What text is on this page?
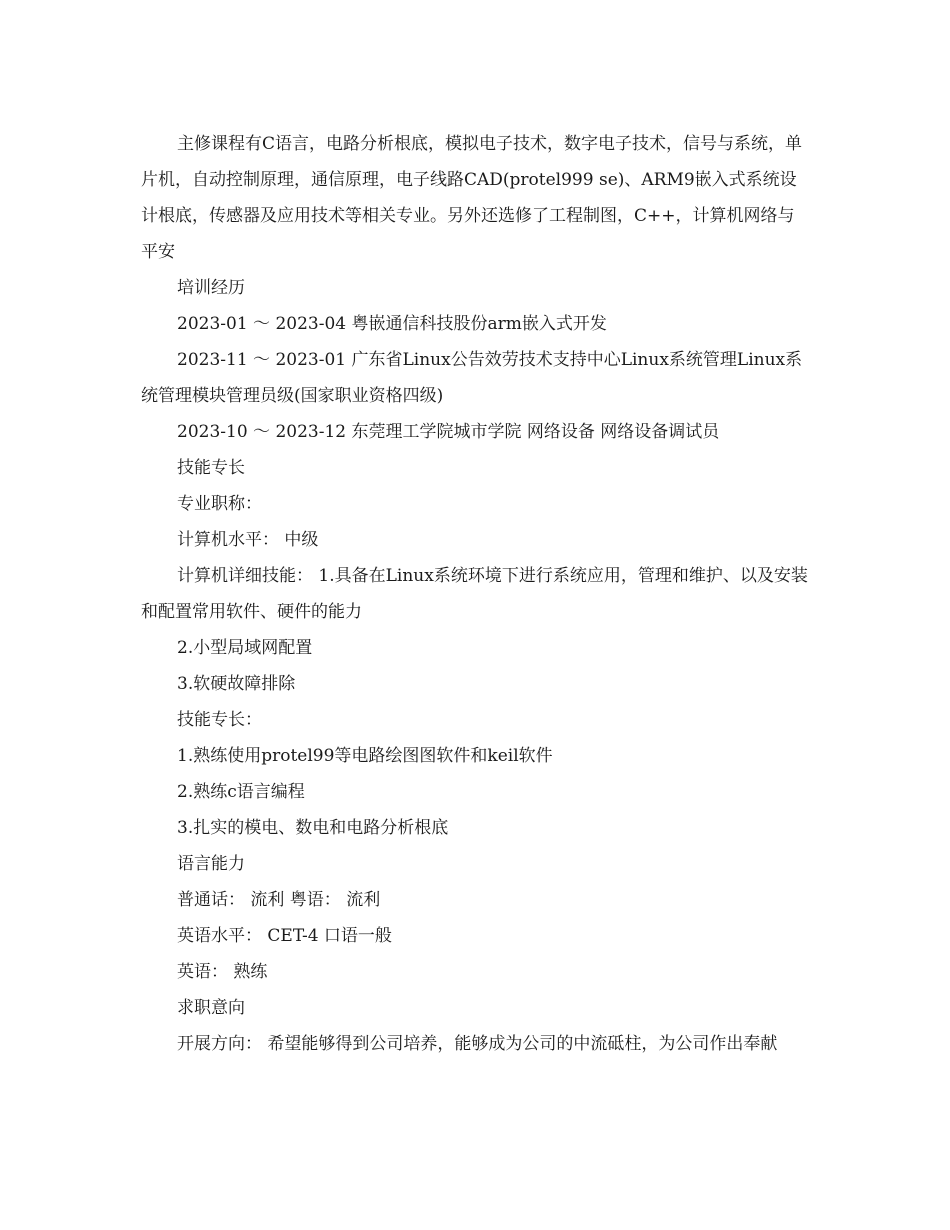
主修课程有C语言，电路分析根底，模拟电子技术，数字电子技术，信号与系统，单片机，自动控制原理，通信原理，电子线路CAD(protel999 se)、ARM9嵌入式系统设计根底，传感器及应用技术等相关专业。另外还选修了工程制图，C++，计算机网络与平安

培训经历

2023-01 ～ 2023-04 粤嵌通信科技股份arm嵌入式开发

2023-11 ～ 2023-01 广东省Linux公告效劳技术支持中心Linux系统管理Linux系统管理模块管理员级(国家职业资格四级)

2023-10 ～ 2023-12 东莞理工学院城市学院 网络设备 网络设备调试员

技能专长

专业职称：

计算机水平： 中级

计算机详细技能： 1.具备在Linux系统环境下进行系统应用，管理和维护、以及安装和配置常用软件、硬件的能力

2.小型局域网配置

3.软硬故障排除

技能专长：

1.熟练使用protel99等电路绘图图软件和keil软件

2.熟练c语言编程

3.扎实的模电、数电和电路分析根底

语言能力

普通话： 流利 粤语： 流利

英语水平： CET-4 口语一般

英语： 熟练

求职意向

开展方向： 希望能够得到公司培养，能够成为公司的中流砥柱，为公司作出奉献
